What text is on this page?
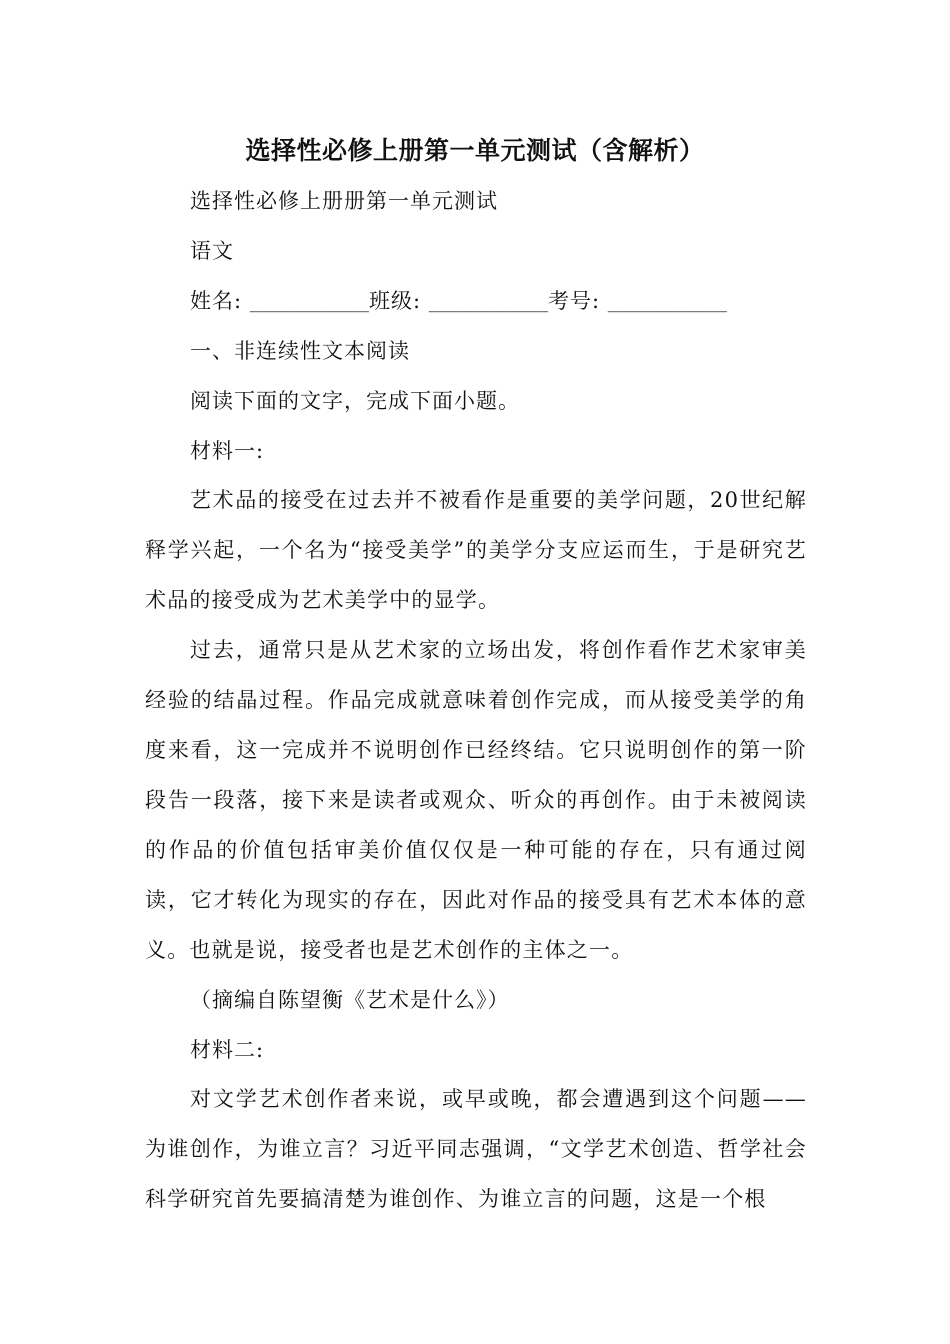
选择性必修上册第一单元测试（含解析）

选择性必修上册册第一单元测试

语文

姓名: ___________班级: ___________考号: ___________

一、非连续性文本阅读

阅读下面的文字，完成下面小题。

材料一:

艺术品的接受在过去并不被看作是重要的美学问题，20世纪解释学兴起，一个名为“接受美学”的美学分支应运而生，于是研究艺术品的接受成为艺术美学中的显学。

过去，通常只是从艺术家的立场出发，将创作看作艺术家审美经验的结晶过程。作品完成就意味着创作完成，而从接受美学的角度来看，这一完成并不说明创作已经终结。它只说明创作的第一阶段告一段落，接下来是读者或观众、听众的再创作。由于未被阅读的作品的价值包括审美价值仅仅是一种可能的存在，只有通过阅读，它才转化为现实的存在，因此对作品的接受具有艺术本体的意义。也就是说，接受者也是艺术创作的主体之一。

（摘编自陈望衡《艺术是什么》）

材料二:

对文学艺术创作者来说，或早或晚，都会遭遇到这个问题——为谁创作，为谁立言？习近平同志强调，“文学艺术创造、哲学社会科学研究首先要搞清楚为谁创作、为谁立言的问题，这是一个根
